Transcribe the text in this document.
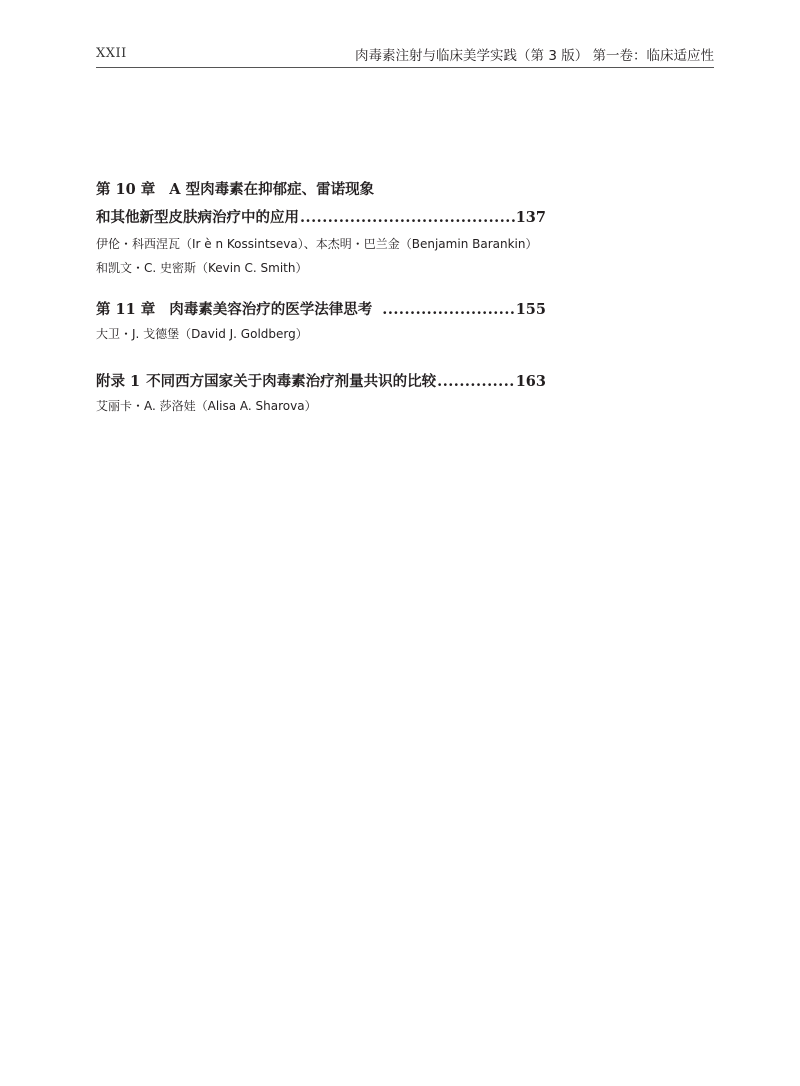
XXII	肉毒素注射与临床美学实践（第 3 版） 第一卷：临床适应性
第 10 章 A 型肉毒素在抑郁症、雷诺现象
和其他新型皮肤病治疗中的应用 .....	137
伊伦・科西涅瓦（Ir è n Kossintseva）、本杰明・巴兰金（Benjamin Barankin）
和凯文・C. 史密斯（Kevin C. Smith）
第 11 章 肉毒素美容治疗的医学法律思考 .....	155
大卫・J. 戈德堡（David J. Goldberg）
附录 1 不同西方国家关于肉毒素治疗剂量共识的比较 .....	163
艾丽卡・A. 莎洛娃（Alisa A. Sharova）
